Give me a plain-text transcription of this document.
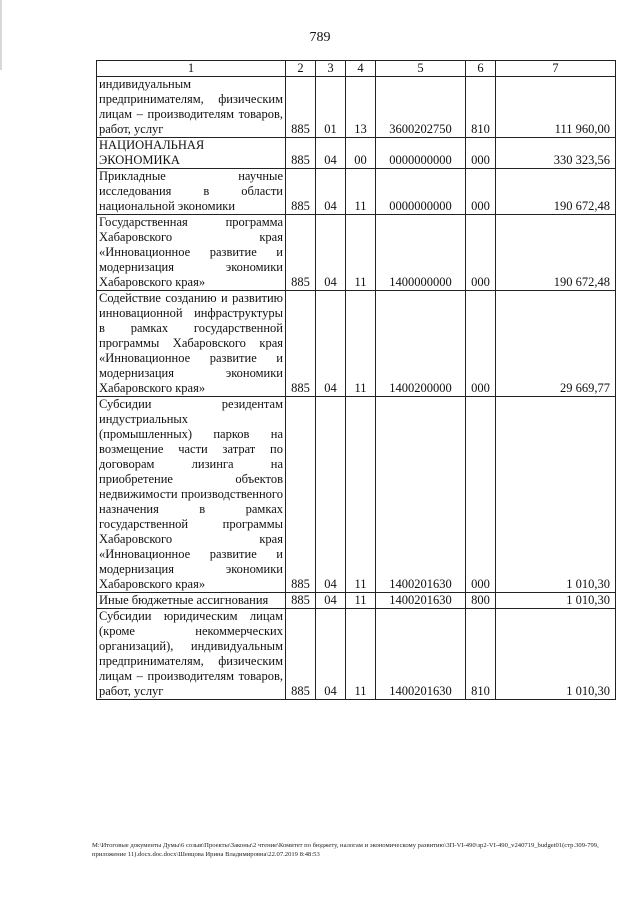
789
1	2	3	4	5	6	7
индивидуальным предпринимателям, физическим лицам – производителям товаров, работ, услуг	885	01	13	3600202750	810	111 960,00
НАЦИОНАЛЬНАЯ ЭКОНОМИКА	885	04	00	0000000000	000	330 323,56
Прикладные научные исследования в области национальной экономики	885	04	11	0000000000	000	190 672,48
Государственная программа Хабаровского края «Инновационное развитие и модернизация экономики Хабаровского края»	885	04	11	1400000000	000	190 672,48
Содействие созданию и развитию инновационной инфраструктуры в рамках государственной программы Хабаровского края «Инновационное развитие и модернизация экономики Хабаровского края»	885	04	11	1400200000	000	29 669,77
Субсидии резидентам индустриальных (промышленных) парков на возмещение части затрат по договорам лизинга на приобретение объектов недвижимости производственного назначения в рамках государственной программы Хабаровского края «Инновационное развитие и модернизация экономики Хабаровского края»	885	04	11	1400201630	000	1 010,30
Иные бюджетные ассигнования	885	04	11	1400201630	800	1 010,30
Субсидии юридическим лицам (кроме некоммерческих организаций), индивидуальным предпринимателям, физическим лицам – производителям товаров, работ, услуг	885	04	11	1400201630	810	1 010,30
M:\Итоговые документы Думы\6 созыв\Проекты\Законы\2 чтение\Комитет по бюджету, налогам и экономическому развитию\3П-VI-490\зр2-VI-490_v240719_budget01(стр.309-799, приложение 11).docx.doc.docx\Шевцова Ирина Владимировна\22.07.2019 8:48:53
